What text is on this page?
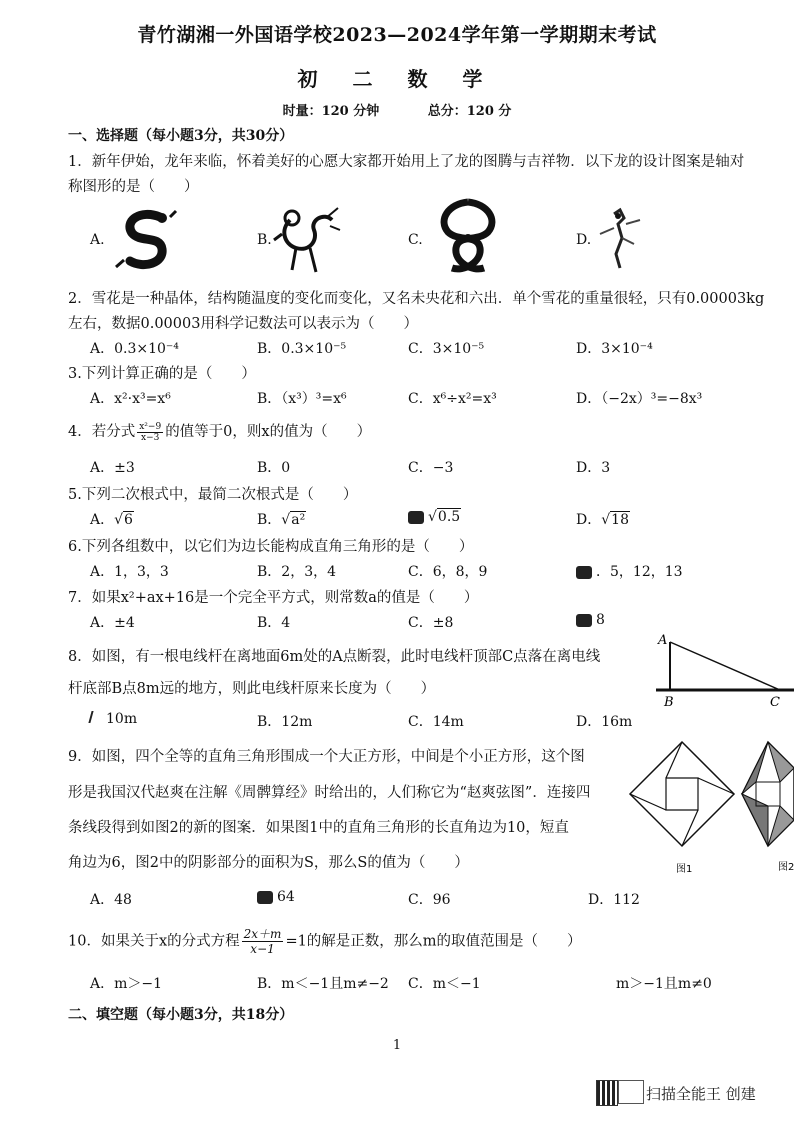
青竹湖湘一外国语学校2023—2024学年第一学期期末考试
初 二 数 学
时量：120 分钟	总分：120 分
一、选择题（每小题3分，共30分）
1．新年伊始，龙年来临，怀着美好的心愿大家都开始用上了龙的图腾与吉祥物．以下龙的设计图案是轴对
称图形的是（　　）
A.	B.	C.	D.
2．雪花是一种晶体，结构随温度的变化而变化，又名未央花和六出．单个雪花的重量很轻，只有0.00003kg
左右，数据0.00003用科学记数法可以表示为（　　）
A．0.3×10⁻⁴	B．0.3×10⁻⁵	C．3×10⁻⁵	D．3×10⁻⁴
3.下列计算正确的是（　　）
A．x²·x³=x⁶	B．（x³）³=x⁶	C．x⁶÷x²=x³	D．（−2x）³=−8x³
4．若分式 $\frac{\text{x²−9}}{x-3}$ 的值等于0，则x的值为（　　）
A．±3	B．0	C．−3	D．3
5.下列二次根式中，最简二次根式是（　　）
A．√6	B．√a²	√0.5	D．√18
6.下列各组数中，以它们为边长能构成直角三角形的是（　　）
A．1，3，3	B．2，3，4	C．6，8，9	．5，12，13
7．如果x²+ax+16是一个完全平方式，则常数a的值是（　　）
A．±4	B．4	C．±8	8
8．如图，有一根电线杆在离地面6m处的A点断裂，此时电线杆顶部C点落在离电线
杆底部B点8m远的地方，则此电线杆原来长度为（　　）
10m	B．12m	C．14m	D．16m
A
B	C
9．如图，四个全等的直角三角形围成一个大正方形，中间是个小正方形，这个图
形是我国汉代赵爽在注解《周髀算经》时给出的，人们称它为“赵爽弦图”．连接四
条线段得到如图2的新的图案．如果图1中的直角三角形的长直角边为10，短直
角边为6，图2中的阴影部分的面积为S，那么S的值为（　　）
A．48	64	C．96	D．112
图1	图2
10．如果关于x的分式方程 $\frac{2x+m}{x-1} =1$的解是正数，那么m的取值范围是（　　）
A．m＞−1	B．m＜−1且m≠−2 C．m＜−1	m＞−1且m≠0
二、填空题（每小题3分，共18分）
1
扫描全能王 创建
